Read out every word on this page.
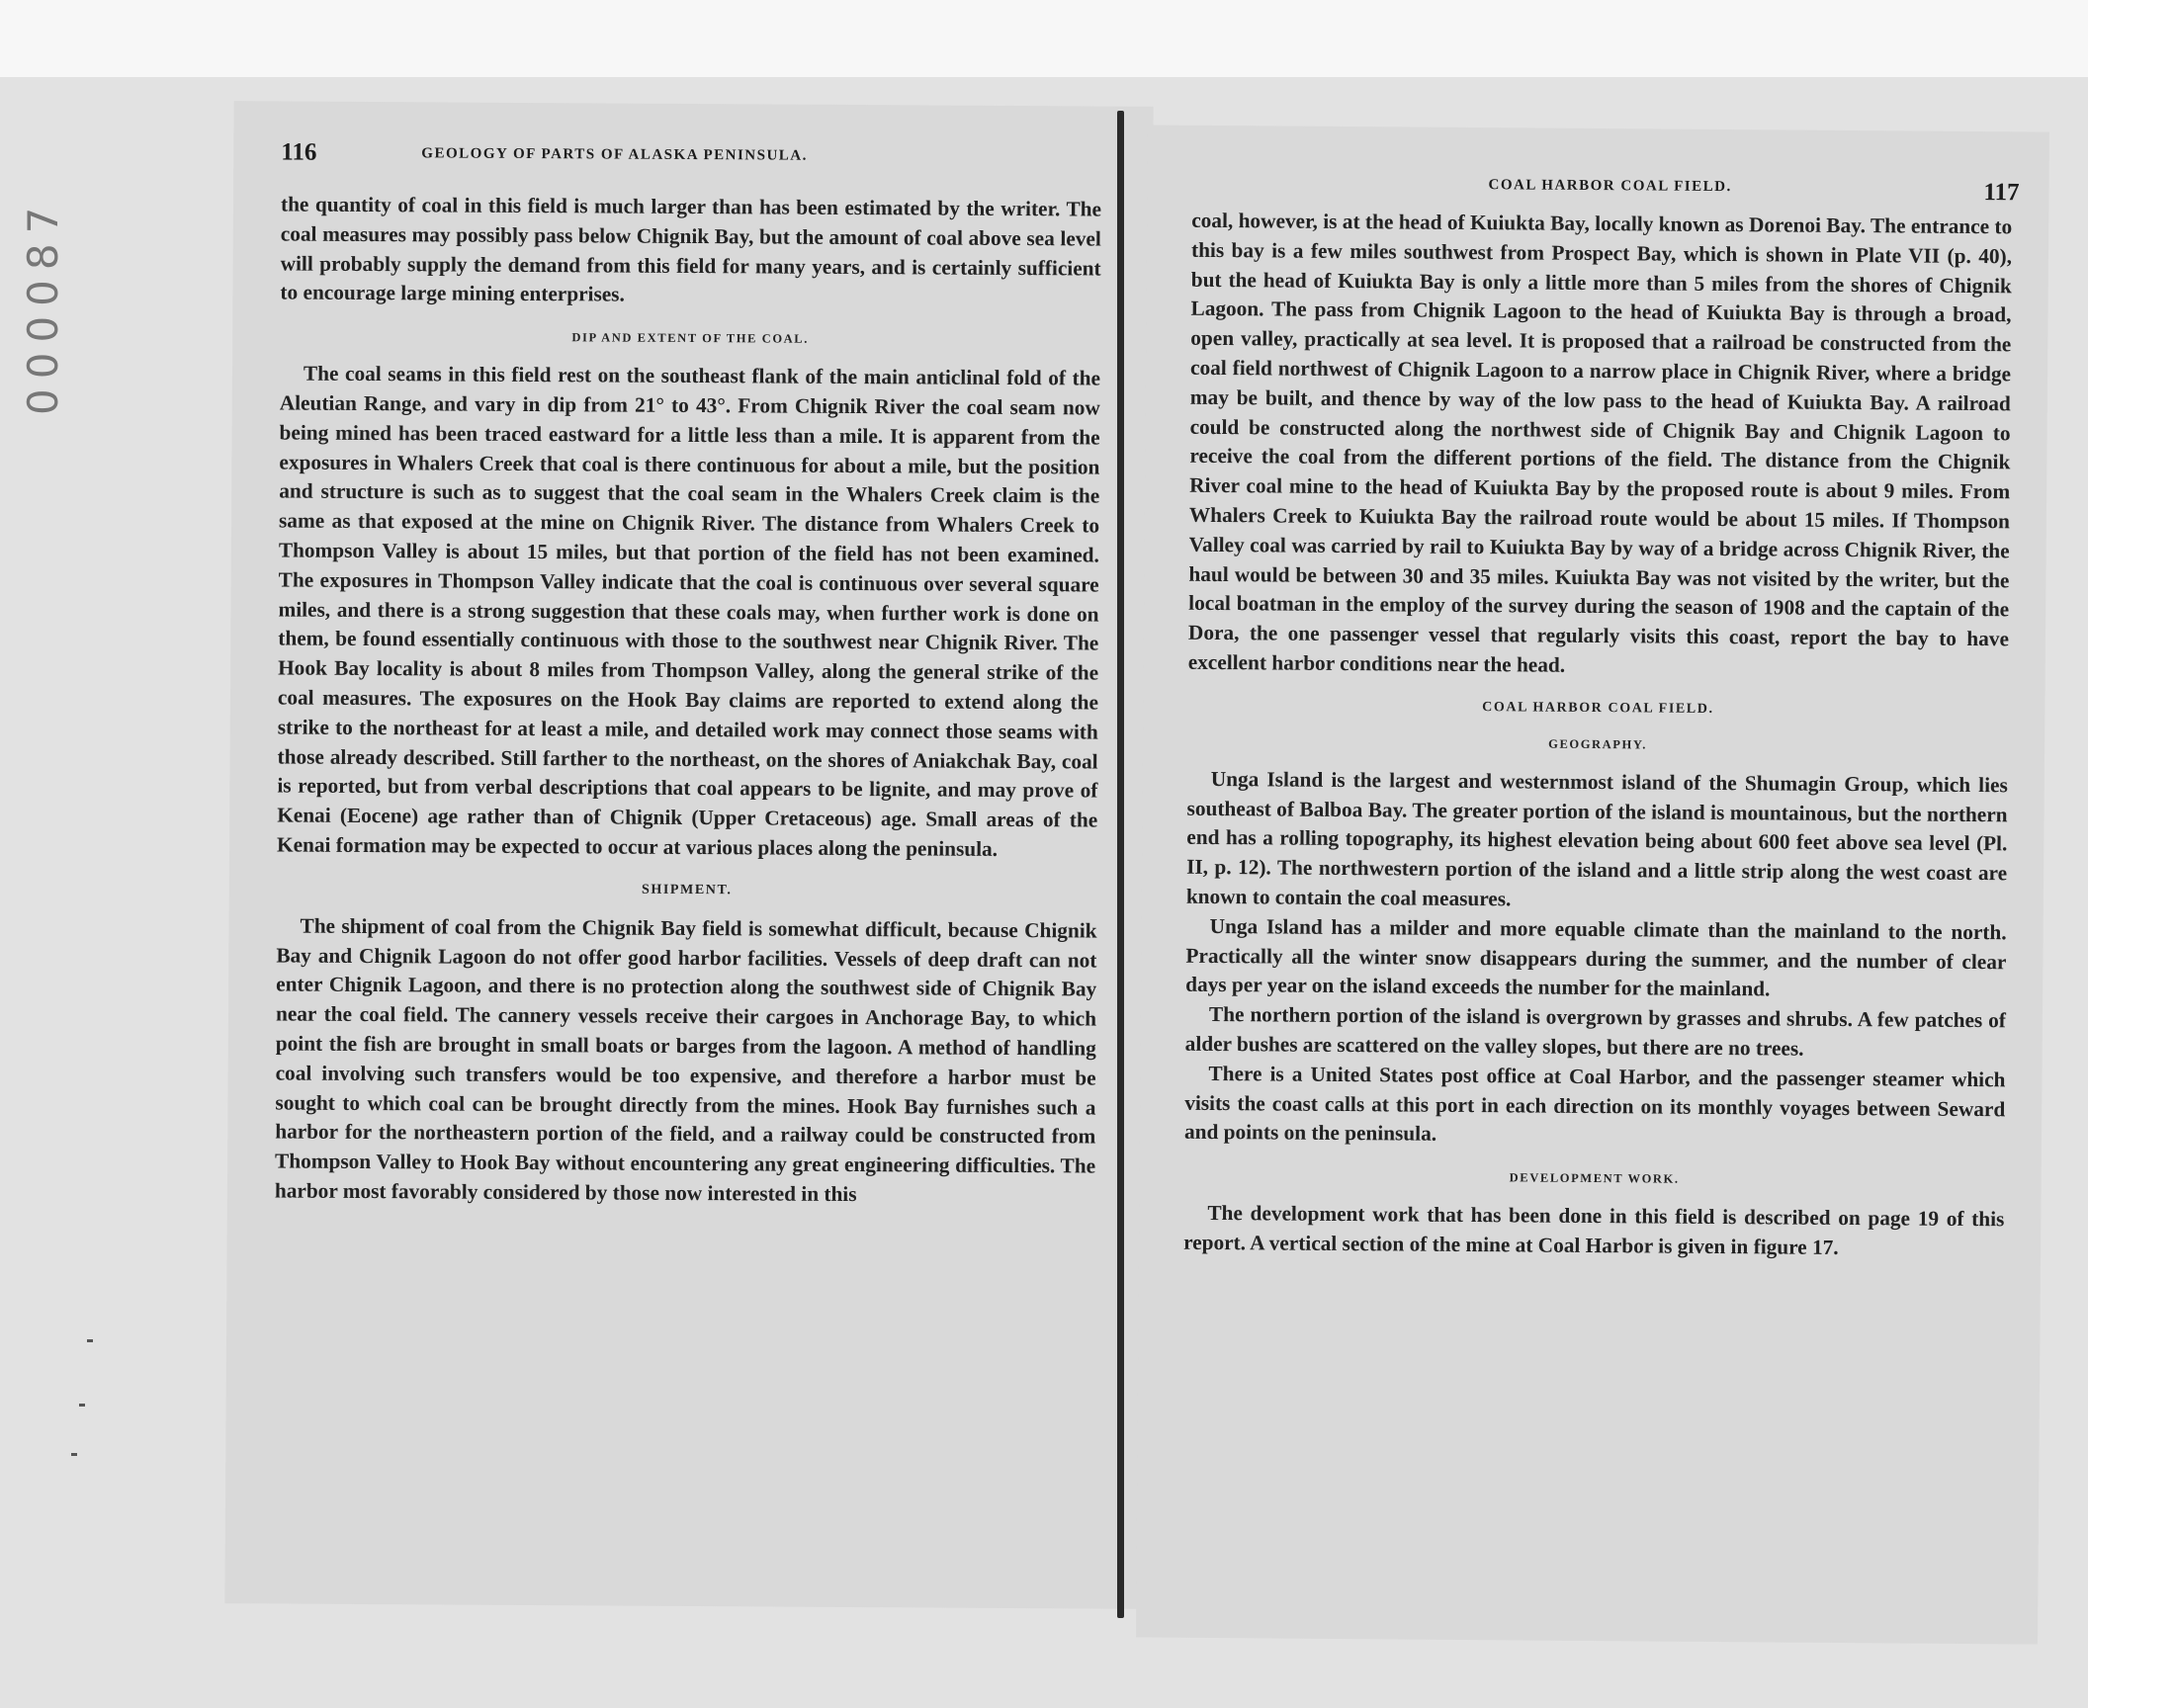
000087
116	GEOLOGY OF PARTS OF ALASKA PENINSULA.

the quantity of coal in this field is much larger than has been estimated by the writer. The coal measures may possibly pass below Chignik Bay, but the amount of coal above sea level will probably supply the demand from this field for many years, and is certainly sufficient to encourage large mining enterprises.

DIP AND EXTENT OF THE COAL.

The coal seams in this field rest on the southeast flank of the main anticlinal fold of the Aleutian Range, and vary in dip from 21° to 43°. From Chignik River the coal seam now being mined has been traced eastward for a little less than a mile. It is apparent from the exposures in Whalers Creek that coal is there continuous for about a mile, but the position and structure is such as to suggest that the coal seam in the Whalers Creek claim is the same as that exposed at the mine on Chignik River. The distance from Whalers Creek to Thompson Valley is about 15 miles, but that portion of the field has not been examined. The exposures in Thompson Valley indicate that the coal is continuous over several square miles, and there is a strong suggestion that these coals may, when further work is done on them, be found essentially continuous with those to the southwest near Chignik River. The Hook Bay locality is about 8 miles from Thompson Valley, along the general strike of the coal measures. The exposures on the Hook Bay claims are reported to extend along the strike to the northeast for at least a mile, and detailed work may connect those seams with those already described. Still farther to the northeast, on the shores of Aniakchak Bay, coal is reported, but from verbal descriptions that coal appears to be lignite, and may prove of Kenai (Eocene) age rather than of Chignik (Upper Cretaceous) age. Small areas of the Kenai formation may be expected to occur at various places along the peninsula.

SHIPMENT.

The shipment of coal from the Chignik Bay field is somewhat difficult, because Chignik Bay and Chignik Lagoon do not offer good harbor facilities. Vessels of deep draft can not enter Chignik Lagoon, and there is no protection along the southwest side of Chignik Bay near the coal field. The cannery vessels receive their cargoes in Anchorage Bay, to which point the fish are brought in small boats or barges from the lagoon. A method of handling coal involving such transfers would be too expensive, and therefore a harbor must be sought to which coal can be brought directly from the mines. Hook Bay furnishes such a harbor for the northeastern portion of the field, and a railway could be constructed from Thompson Valley to Hook Bay without encountering any great engineering difficulties. The harbor most favorably considered by those now interested in this

COAL HARBOR COAL FIELD.	117

coal, however, is at the head of Kuiukta Bay, locally known as Dorenoi Bay. The entrance to this bay is a few miles southwest from Prospect Bay, which is shown in Plate VII (p. 40), but the head of Kuiukta Bay is only a little more than 5 miles from the shores of Chignik Lagoon. The pass from Chignik Lagoon to the head of Kuiukta Bay is through a broad, open valley, practically at sea level. It is proposed that a railroad be constructed from the coal field northwest of Chignik Lagoon to a narrow place in Chignik River, where a bridge may be built, and thence by way of the low pass to the head of Kuiukta Bay. A railroad could be constructed along the northwest side of Chignik Bay and Chignik Lagoon to receive the coal from the different portions of the field. The distance from the Chignik River coal mine to the head of Kuiukta Bay by the proposed route is about 9 miles. From Whalers Creek to Kuiukta Bay the railroad route would be about 15 miles. If Thompson Valley coal was carried by rail to Kuiukta Bay by way of a bridge across Chignik River, the haul would be between 30 and 35 miles. Kuiukta Bay was not visited by the writer, but the local boatman in the employ of the survey during the season of 1908 and the captain of the Dora, the one passenger vessel that regularly visits this coast, report the bay to have excellent harbor conditions near the head.

COAL HARBOR COAL FIELD.
GEOGRAPHY.

Unga Island is the largest and westernmost island of the Shumagin Group, which lies southeast of Balboa Bay. The greater portion of the island is mountainous, but the northern end has a rolling topography, its highest elevation being about 600 feet above sea level (Pl. II, p. 12). The northwestern portion of the island and a little strip along the west coast are known to contain the coal measures.

Unga Island has a milder and more equable climate than the mainland to the north. Practically all the winter snow disappears during the summer, and the number of clear days per year on the island exceeds the number for the mainland.

The northern portion of the island is overgrown by grasses and shrubs. A few patches of alder bushes are scattered on the valley slopes, but there are no trees.

There is a United States post office at Coal Harbor, and the passenger steamer which visits the coast calls at this port in each direction on its monthly voyages between Seward and points on the peninsula.

DEVELOPMENT WORK.

The development work that has been done in this field is described on page 19 of this report. A vertical section of the mine at Coal Harbor is given in figure 17.
